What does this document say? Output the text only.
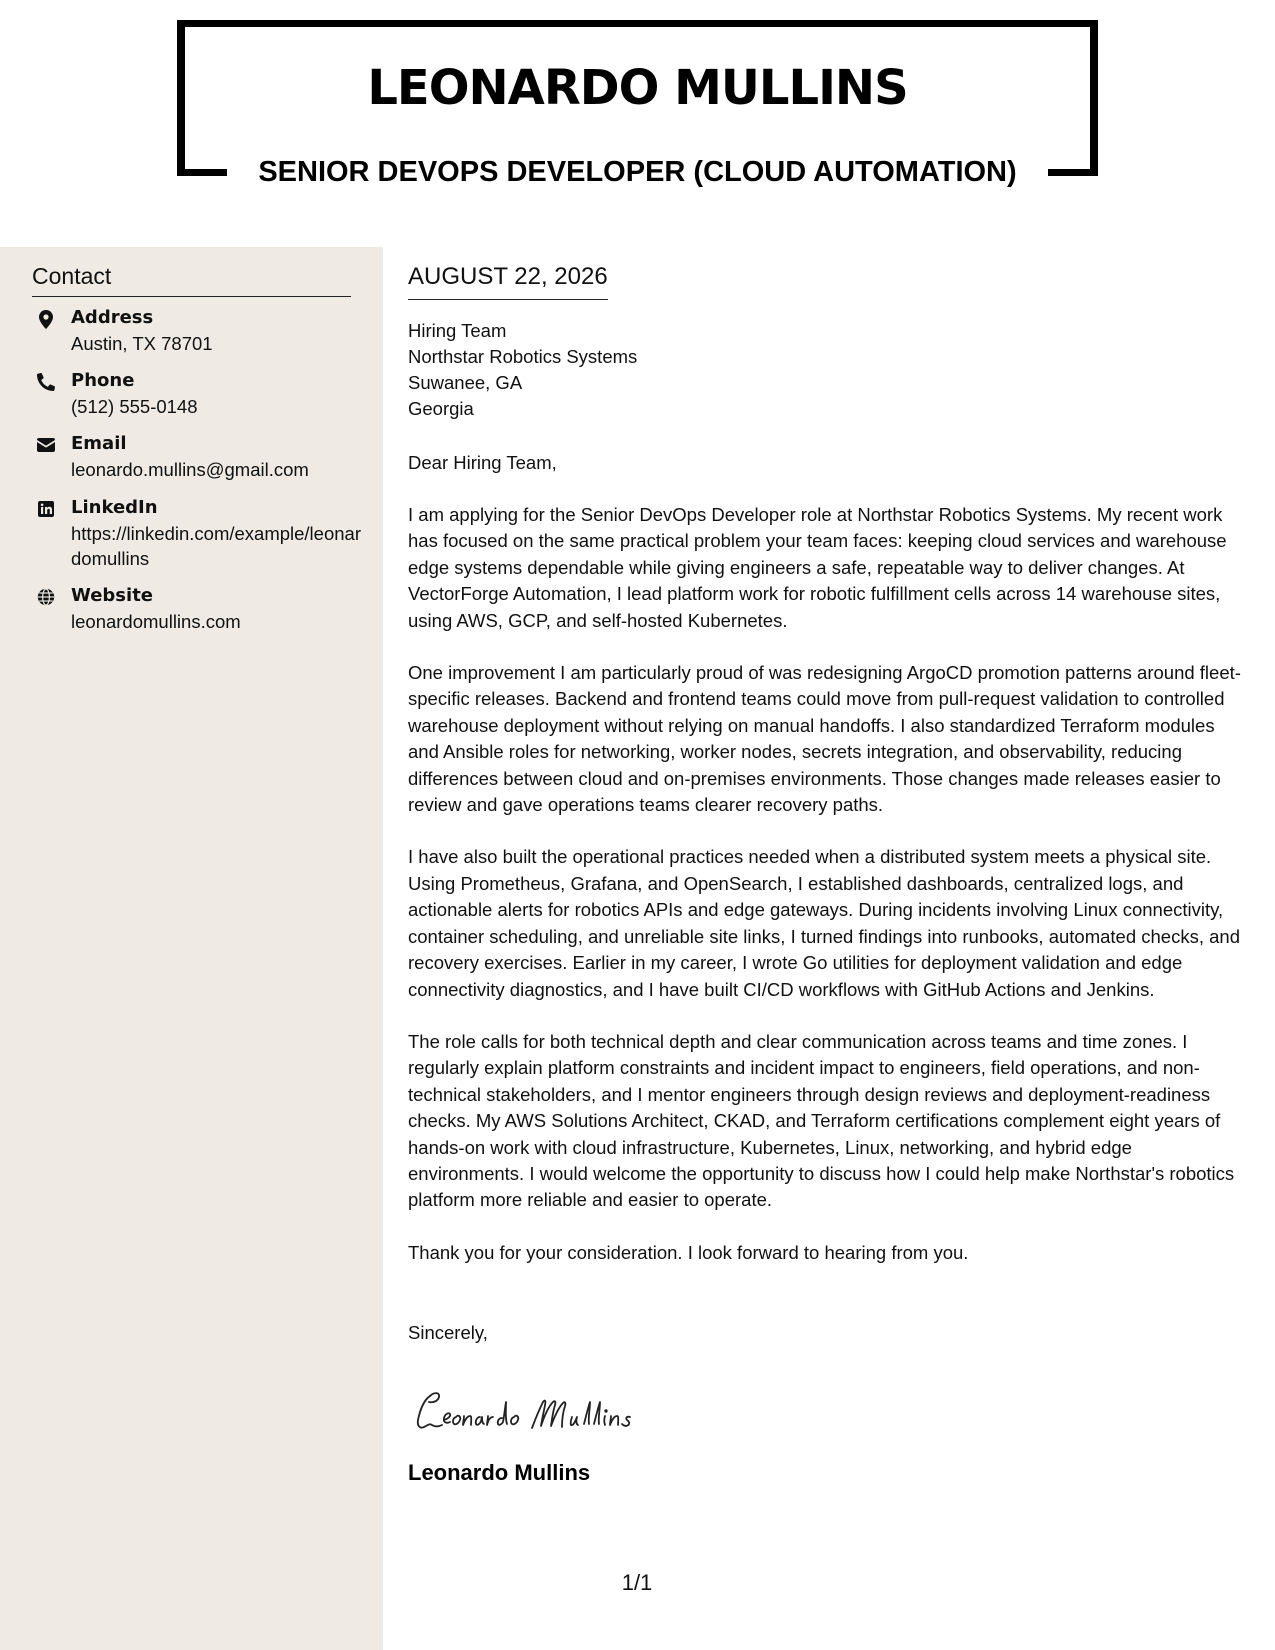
LEONARDO MULLINS
SENIOR DEVOPS DEVELOPER (CLOUD AUTOMATION)
Contact
Address
Austin, TX 78701
Phone
(512) 555-0148
Email
leonardo.mullins@gmail.com
LinkedIn
https://linkedin.com/example/leonardomullins
Website
leonardomullins.com
AUGUST 22, 2026
Hiring Team
Northstar Robotics Systems
Suwanee, GA
Georgia
Dear Hiring Team,
I am applying for the Senior DevOps Developer role at Northstar Robotics Systems. My recent work has focused on the same practical problem your team faces: keeping cloud services and warehouse edge systems dependable while giving engineers a safe, repeatable way to deliver changes. At VectorForge Automation, I lead platform work for robotic fulfillment cells across 14 warehouse sites, using AWS, GCP, and self-hosted Kubernetes.
One improvement I am particularly proud of was redesigning ArgoCD promotion patterns around fleet-specific releases. Backend and frontend teams could move from pull-request validation to controlled warehouse deployment without relying on manual handoffs. I also standardized Terraform modules and Ansible roles for networking, worker nodes, secrets integration, and observability, reducing differences between cloud and on-premises environments. Those changes made releases easier to review and gave operations teams clearer recovery paths.
I have also built the operational practices needed when a distributed system meets a physical site. Using Prometheus, Grafana, and OpenSearch, I established dashboards, centralized logs, and actionable alerts for robotics APIs and edge gateways. During incidents involving Linux connectivity, container scheduling, and unreliable site links, I turned findings into runbooks, automated checks, and recovery exercises. Earlier in my career, I wrote Go utilities for deployment validation and edge connectivity diagnostics, and I have built CI/CD workflows with GitHub Actions and Jenkins.
The role calls for both technical depth and clear communication across teams and time zones. I regularly explain platform constraints and incident impact to engineers, field operations, and non-technical stakeholders, and I mentor engineers through design reviews and deployment-readiness checks. My AWS Solutions Architect, CKAD, and Terraform certifications complement eight years of hands-on work with cloud infrastructure, Kubernetes, Linux, networking, and hybrid edge environments. I would welcome the opportunity to discuss how I could help make Northstar's robotics platform more reliable and easier to operate.
Thank you for your consideration. I look forward to hearing from you.
Sincerely,
Leonardo Mullins
1/1
